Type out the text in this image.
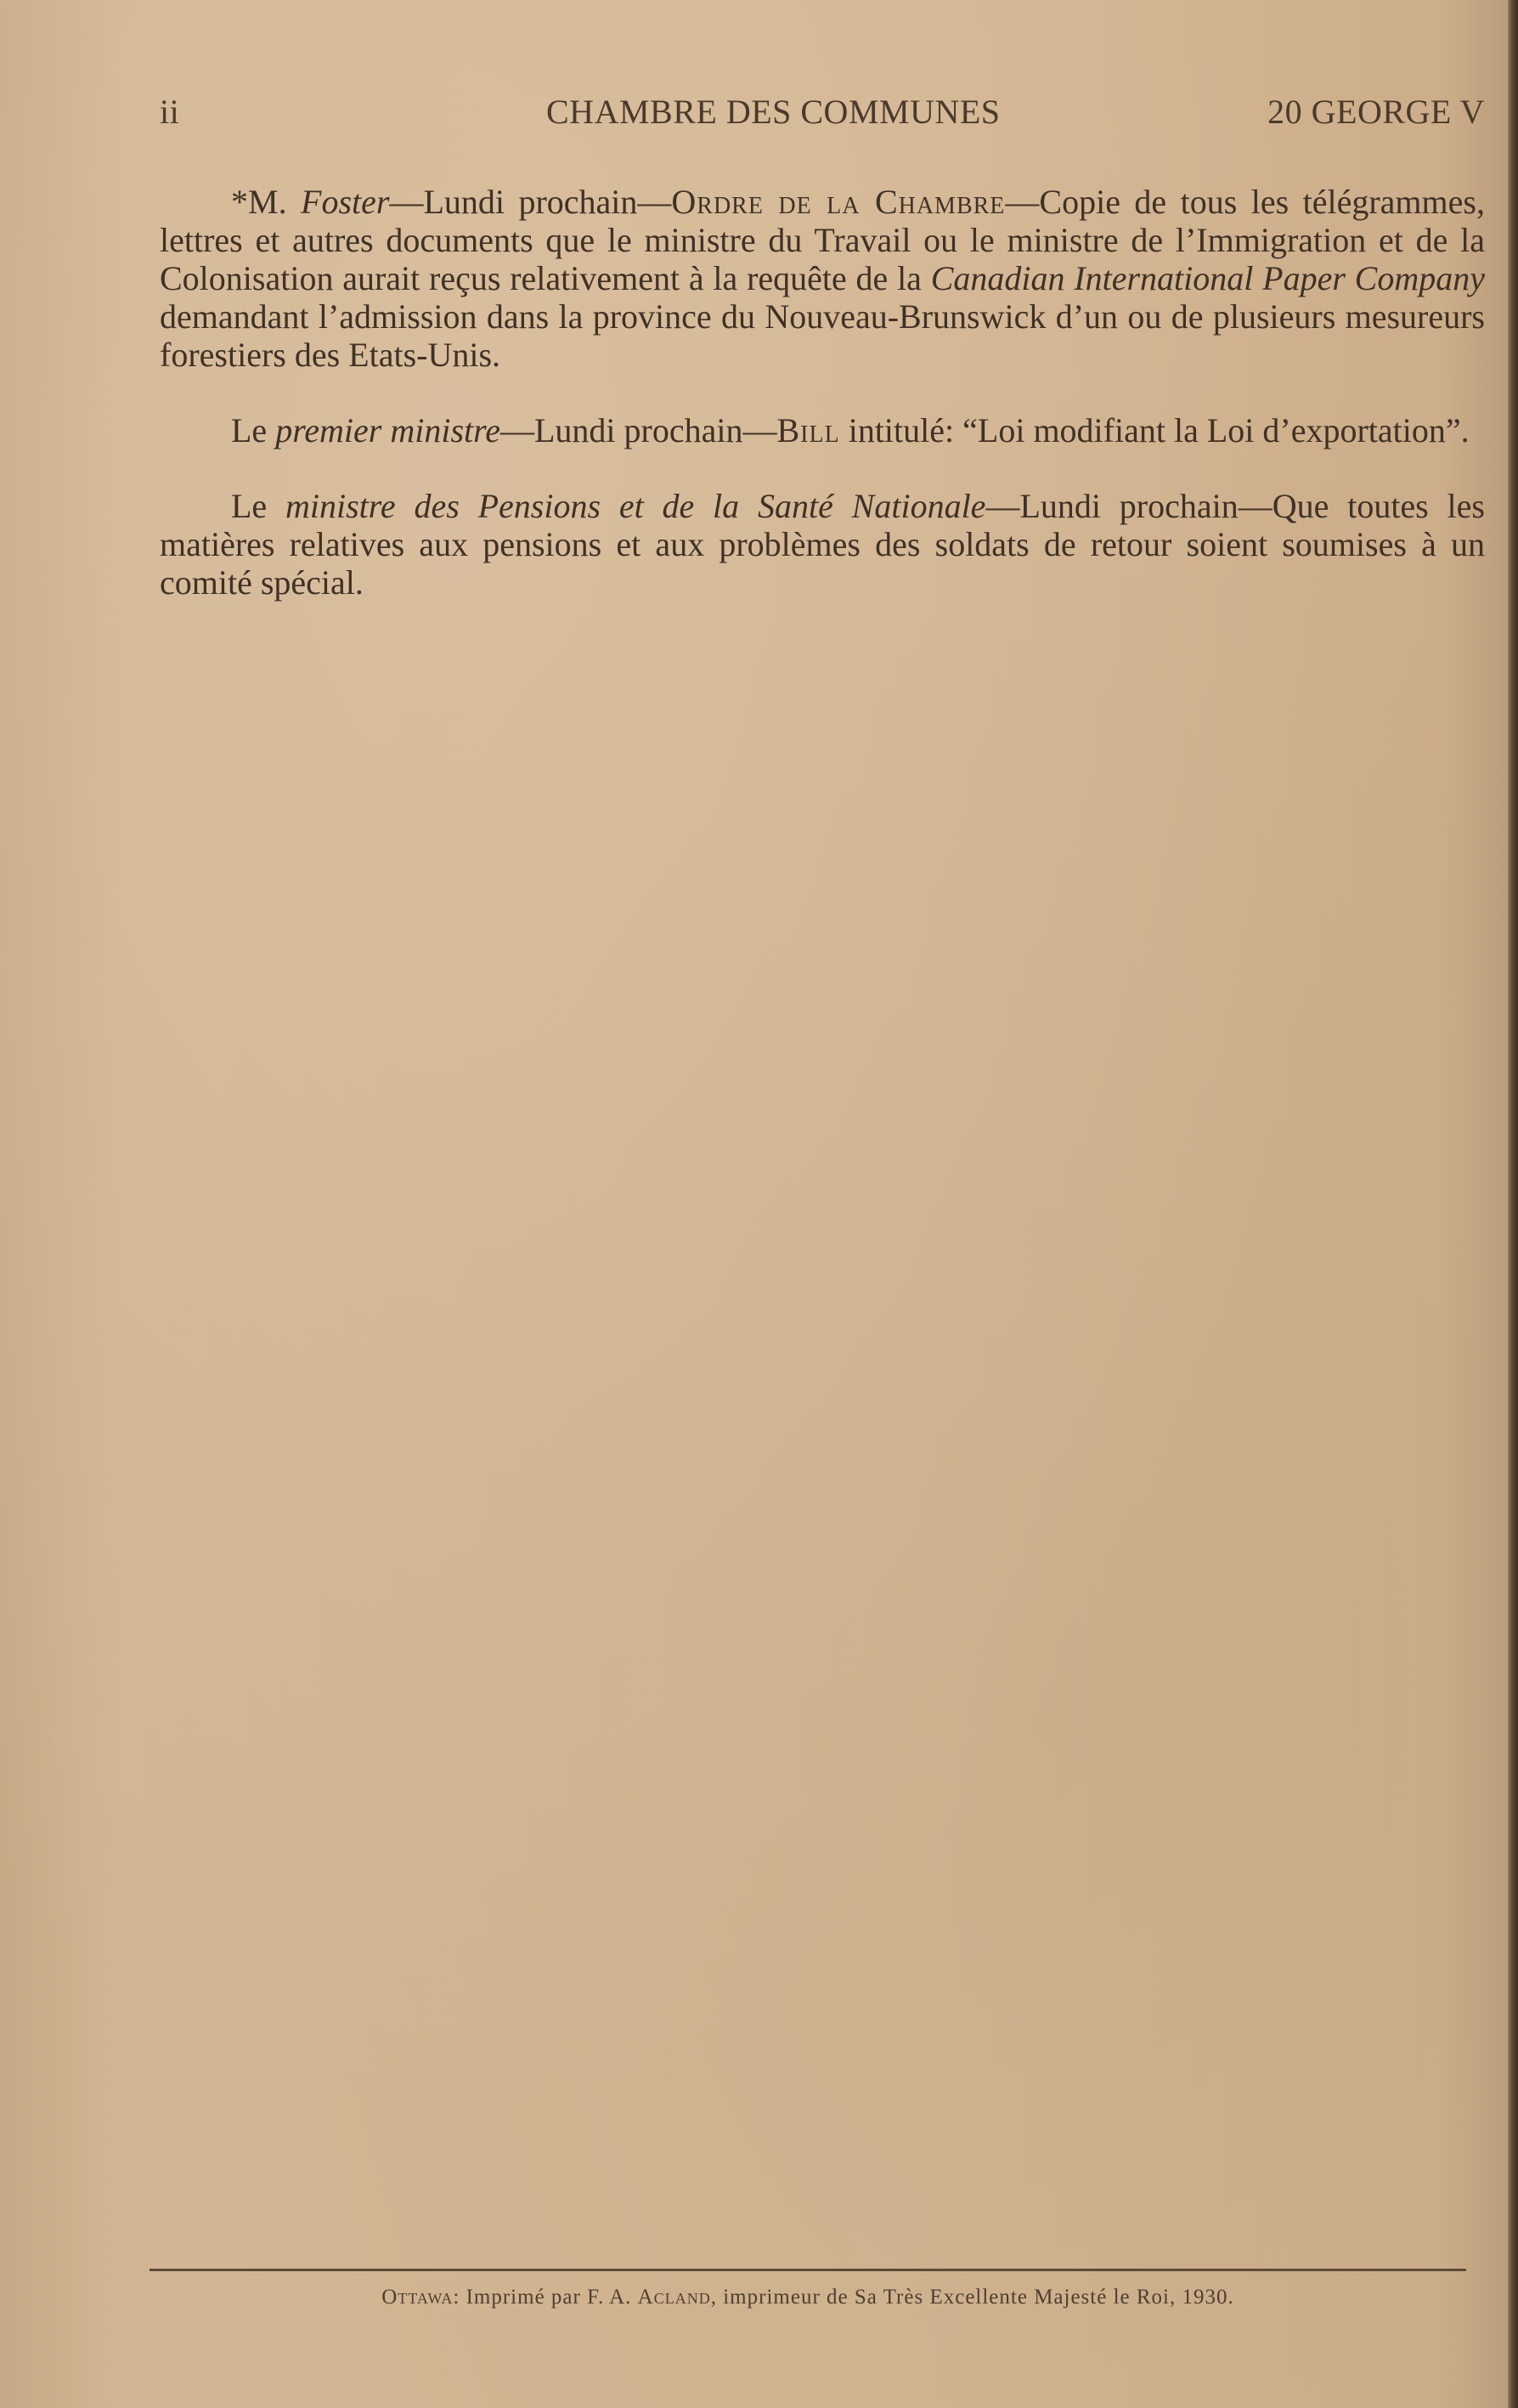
ii	CHAMBRE DES COMMUNES	20 GEORGE V

*M. Foster—Lundi prochain—Ordre de la Chambre—Copie de tous les télégrammes, lettres et autres documents que le ministre du Travail ou le ministre de l’Immigration et de la Colonisation aurait reçus relativement à la requête de la Canadian International Paper Company demandant l’admission dans la province du Nouveau-Brunswick d’un ou de plusieurs mesureurs forestiers des Etats-Unis.

Le premier ministre—Lundi prochain—Bill intitulé: “Loi modifiant la Loi d’exportation”.

Le ministre des Pensions et de la Santé Nationale—Lundi prochain—Que toutes les matières relatives aux pensions et aux problèmes des soldats de retour soient soumises à un comité spécial.

Ottawa: Imprimé par F. A. Acland, imprimeur de Sa Très Excellente Majesté le Roi, 1930.
